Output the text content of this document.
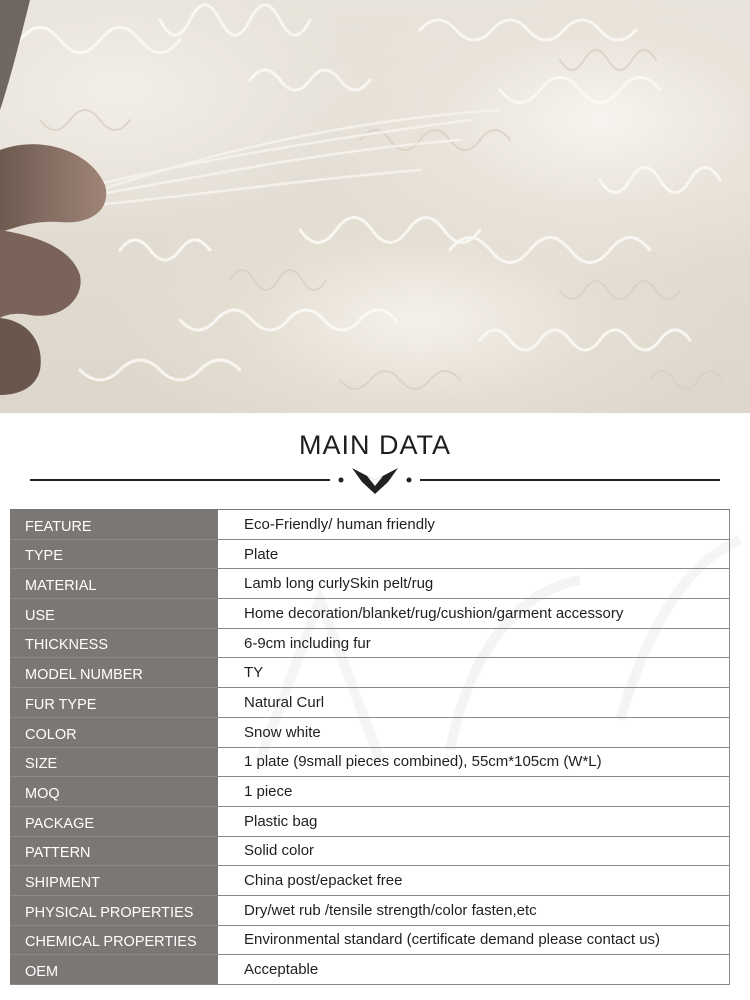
MAIN DATA
FEATURE	Eco-Friendly/ human friendly
TYPE	Plate
MATERIAL	Lamb long curlySkin pelt/rug
USE	Home decoration/blanket/rug/cushion/garment accessory
THICKNESS	6-9cm including fur
MODEL NUMBER	TY
FUR TYPE	Natural Curl
COLOR	Snow white
SIZE	1 plate (9small pieces combined), 55cm*105cm (W*L)
MOQ	1 piece
PACKAGE	Plastic bag
PATTERN	Solid color
SHIPMENT	China post/epacket free
PHYSICAL PROPERTIES	Dry/wet rub /tensile strength/color fasten,etc
CHEMICAL PROPERTIES	Environmental standard (certificate demand please contact us)
OEM	Acceptable
